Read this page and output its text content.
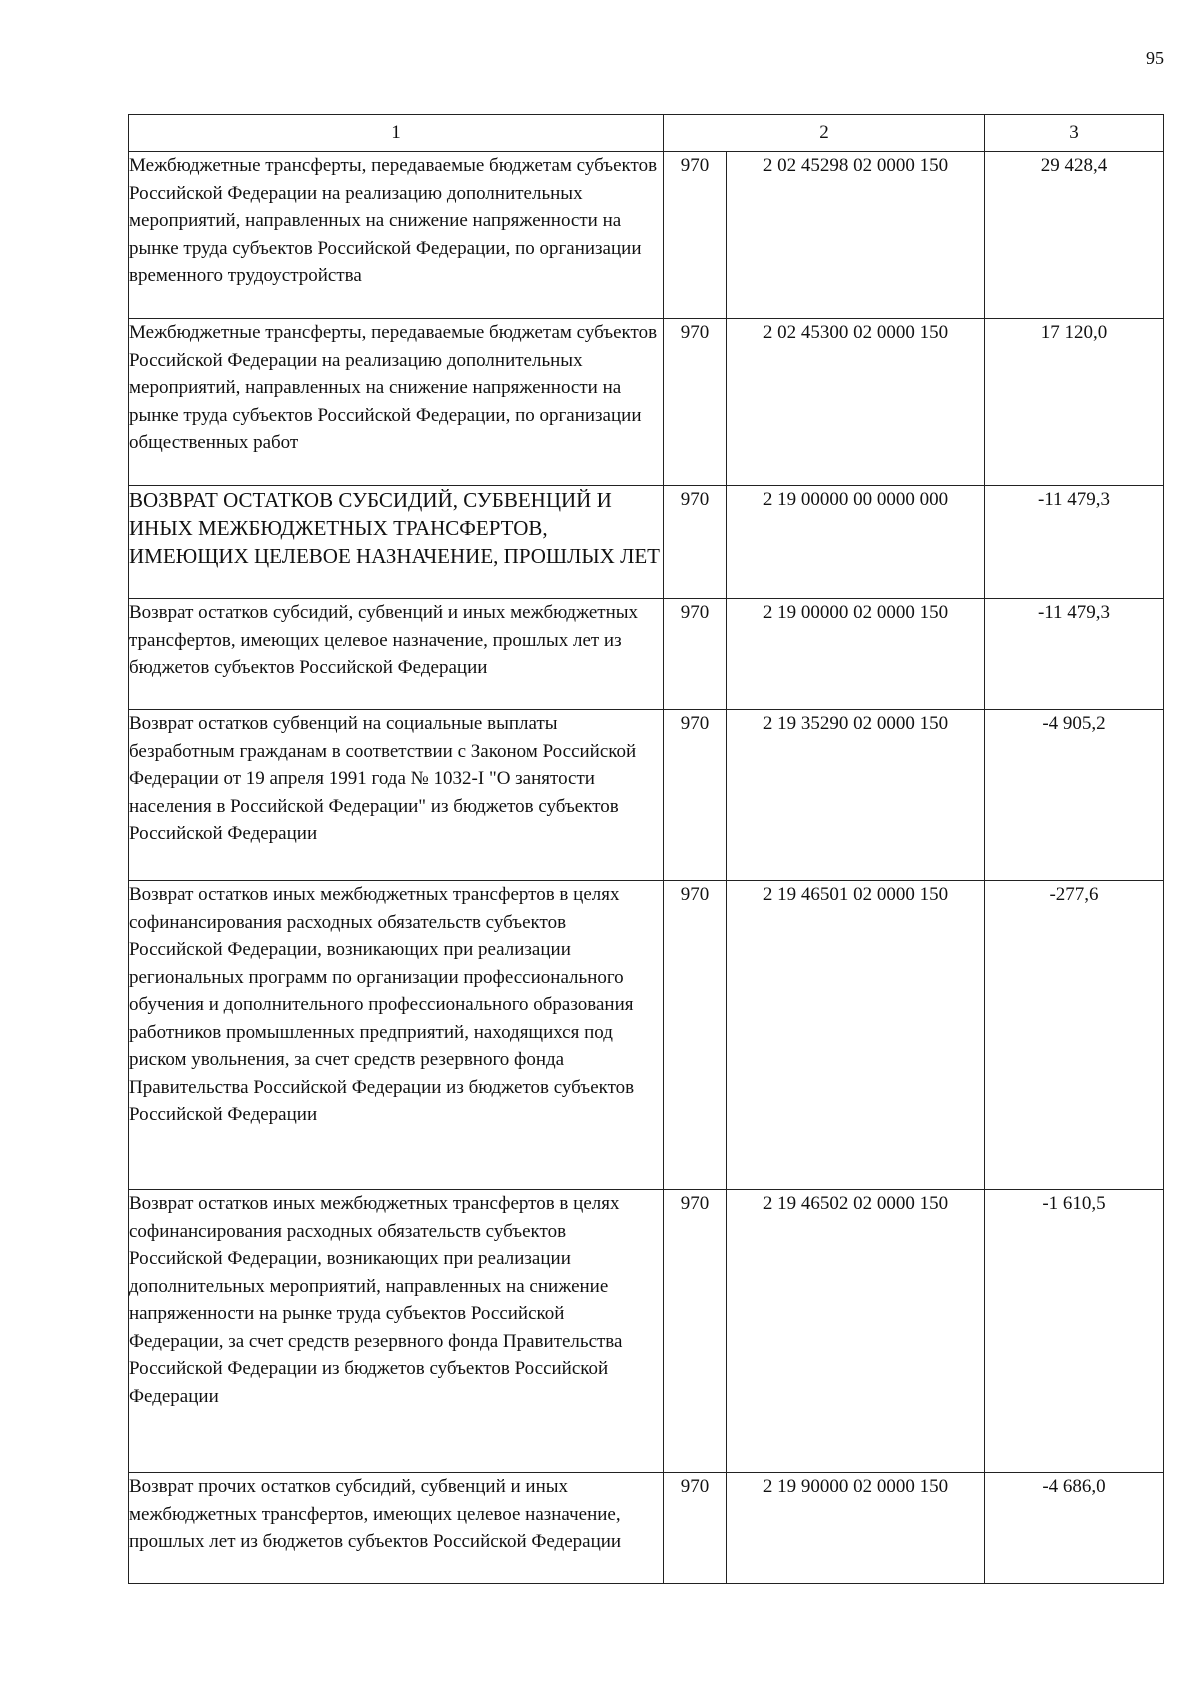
95
1	2		3
Межбюджетные трансферты, передаваемые бюджетам субъектов Российской Федерации на реализацию дополнительных мероприятий, направленных на снижение напряженности на рынке труда субъектов Российской Федерации, по организации временного трудоустройства	970	2 02 45298 02 0000 150	29 428,4
Межбюджетные трансферты, передаваемые бюджетам субъектов Российской Федерации на реализацию дополнительных мероприятий, направленных на снижение напряженности на рынке труда субъектов Российской Федерации, по организации общественных работ	970	2 02 45300 02 0000 150	17 120,0
ВОЗВРАТ ОСТАТКОВ СУБСИДИЙ, СУБВЕНЦИЙ И ИНЫХ МЕЖБЮДЖЕТНЫХ ТРАНСФЕРТОВ, ИМЕЮЩИХ ЦЕЛЕВОЕ НАЗНАЧЕНИЕ, ПРОШЛЫХ ЛЕТ	970	2 19 00000 00 0000 000	-11 479,3
Возврат остатков субсидий, субвенций и иных межбюджетных трансфертов, имеющих целевое назначение, прошлых лет из бюджетов субъектов Российской Федерации	970	2 19 00000 02 0000 150	-11 479,3
Возврат остатков субвенций на социальные выплаты безработным гражданам в соответствии с Законом Российской Федерации от 19 апреля 1991 года № 1032-I "О занятости населения в Российской Федерации" из бюджетов субъектов Российской Федерации	970	2 19 35290 02 0000 150	-4 905,2
Возврат остатков иных межбюджетных трансфертов в целях софинансирования расходных обязательств субъектов Российской Федерации, возникающих при реализации региональных программ по организации профессионального обучения и дополнительного профессионального образования работников промышленных предприятий, находящихся под риском увольнения, за счет средств резервного фонда Правительства Российской Федерации из бюджетов субъектов Российской Федерации	970	2 19 46501 02 0000 150	-277,6
Возврат остатков иных межбюджетных трансфертов в целях софинансирования расходных обязательств субъектов Российской Федерации, возникающих при реализации дополнительных мероприятий, направленных на снижение напряженности на рынке труда субъектов Российской Федерации, за счет средств резервного фонда Правительства Российской Федерации из бюджетов субъектов Российской Федерации	970	2 19 46502 02 0000 150	-1 610,5
Возврат прочих остатков субсидий, субвенций и иных межбюджетных трансфертов, имеющих целевое назначение, прошлых лет из бюджетов субъектов Российской Федерации	970	2 19 90000 02 0000 150	-4 686,0
